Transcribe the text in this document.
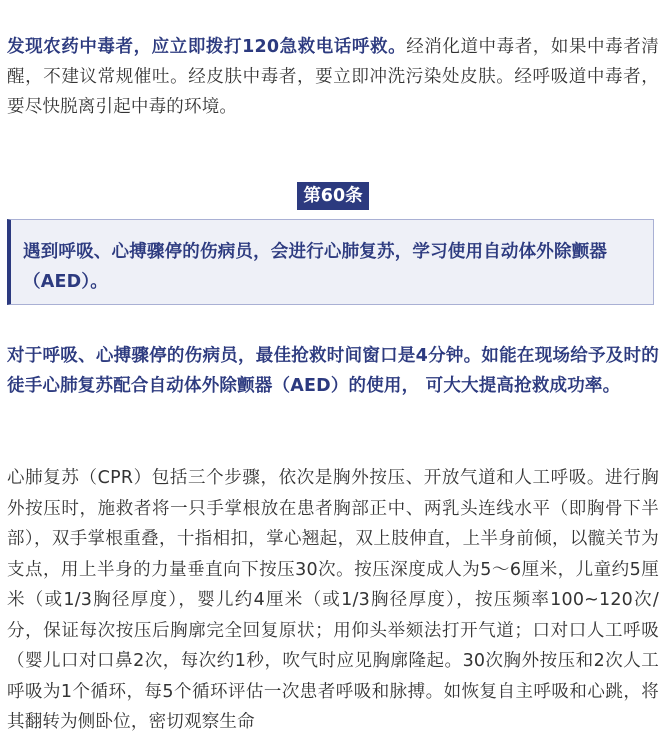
发现农药中毒者，应立即拨打120急救电话呼救。经消化道中毒者，如果中毒者清醒，不建议常规催吐。经皮肤中毒者，要立即冲洗污染处皮肤。经呼吸道中毒者，要尽快脱离引起中毒的环境。

第60条
遇到呼吸、心搏骤停的伤病员，会进行心肺复苏，学习使用自动体外除颤器（AED）。

对于呼吸、心搏骤停的伤病员，最佳抢救时间窗口是4分钟。如能在现场给予及时的徒手心肺复苏配合自动体外除颤器（AED）的使用， 可大大提高抢救成功率。

心肺复苏（CPR）包括三个步骤，依次是胸外按压、开放气道和人工呼吸。进行胸外按压时，施救者将一只手掌根放在患者胸部正中、两乳头连线水平（即胸骨下半部），双手掌根重叠，十指相扣，掌心翘起，双上肢伸直，上半身前倾，以髋关节为支点，用上半身的力量垂直向下按压30次。按压深度成人为5～6厘米，儿童约5厘米（或1/3胸径厚度），婴儿约4厘米（或1/3胸径厚度），按压频率100~120次/分，保证每次按压后胸廓完全回复原状；用仰头举颏法打开气道；口对口人工呼吸（婴儿口对口鼻2次，每次约1秒，吹气时应见胸廓隆起。30次胸外按压和2次人工呼吸为1个循环，每5个循环评估一次患者呼吸和脉搏。如恢复自主呼吸和心跳，将其翻转为侧卧位，密切观察生命
